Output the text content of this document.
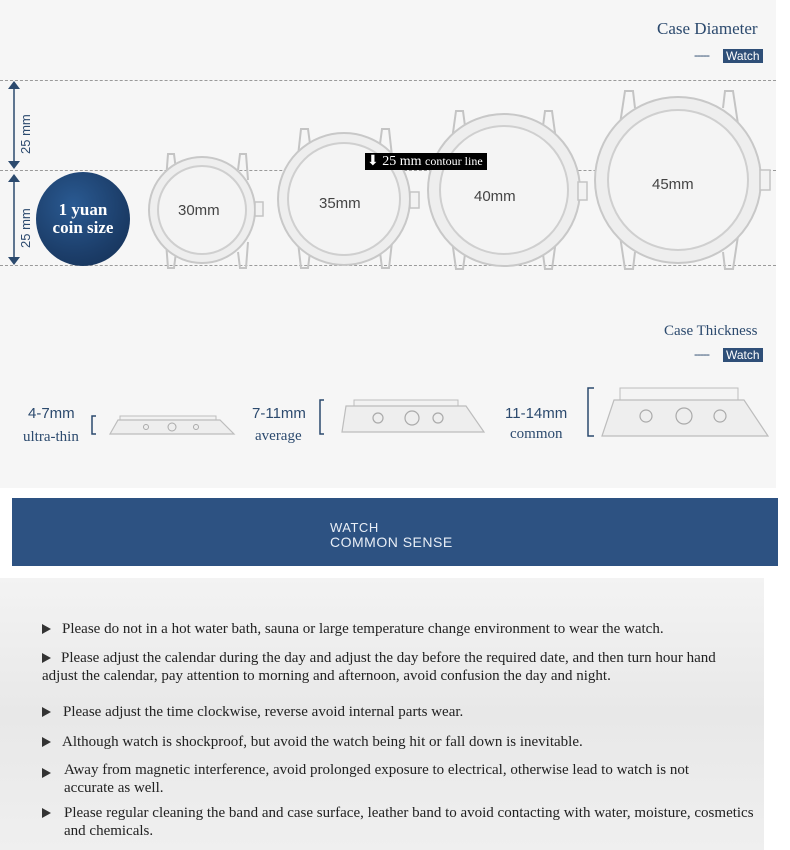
Case Diameter
----- Watch
25 mm
25 mm	1 yuan
coin size
30mm	35mm	40mm
45mm
⬇ 25 mm contour line
Case Thickness
----- Watch
4-7mm
ultra-thin
7-11mm
average
11-14mm
common
WATCH
COMMON SENSE
Please do not in a hot water bath, sauna or large temperature change environment to wear the watch.
Please adjust the calendar during the day and adjust the day before the required date, and then turn hour hand adjust the calendar, pay attention to morning and afternoon, avoid confusion the day and night.
Please adjust the time clockwise, reverse avoid internal parts wear.
Although watch is shockproof, but avoid the watch being hit or fall down is inevitable.
Away from magnetic interference, avoid prolonged exposure to electrical, otherwise lead to watch is not accurate as well.
Please regular cleaning the band and case surface, leather band to avoid contacting with water, moisture, cosmetics and chemicals.
